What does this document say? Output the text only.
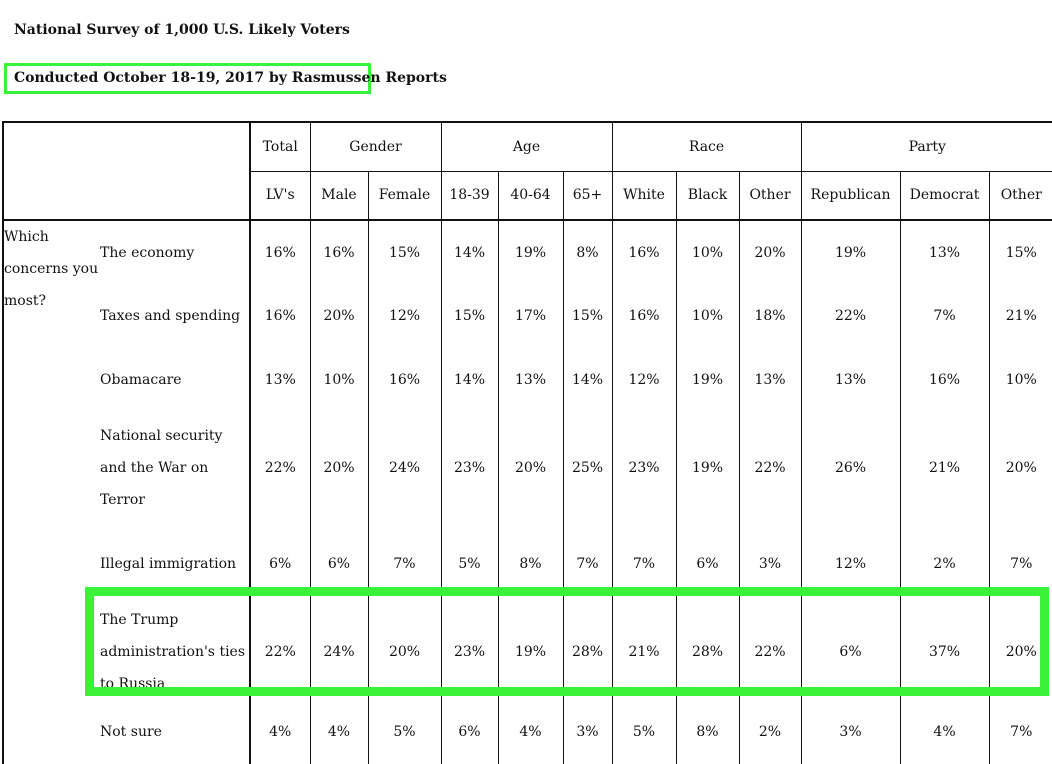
National Survey of 1,000 U.S. Likely Voters
Conducted October 18-19, 2017 by Rasmussen Reports
		Total	Gender		Age			Race			Party		
		LV's	Male	Female	18-39	40-64	65+	White	Black	Other	Republican	Democrat	Other
Which concerns you most?	The economy	16%	16%	15%	14%	19%	8%	16%	10%	20%	19%	13%	15%
	Taxes and spending	16%	20%	12%	15%	17%	15%	16%	10%	18%	22%	7%	21%
	Obamacare	13%	10%	16%	14%	13%	14%	12%	19%	13%	13%	16%	10%
	National security and the War on Terror	22%	20%	24%	23%	20%	25%	23%	19%	22%	26%	21%	20%
	Illegal immigration	6%	6%	7%	5%	8%	7%	7%	6%	3%	12%	2%	7%
	The Trump administration's ties to Russia	22%	24%	20%	23%	19%	28%	21%	28%	22%	6%	37%	20%
	Not sure	4%	4%	5%	6%	4%	3%	5%	8%	2%	3%	4%	7%
